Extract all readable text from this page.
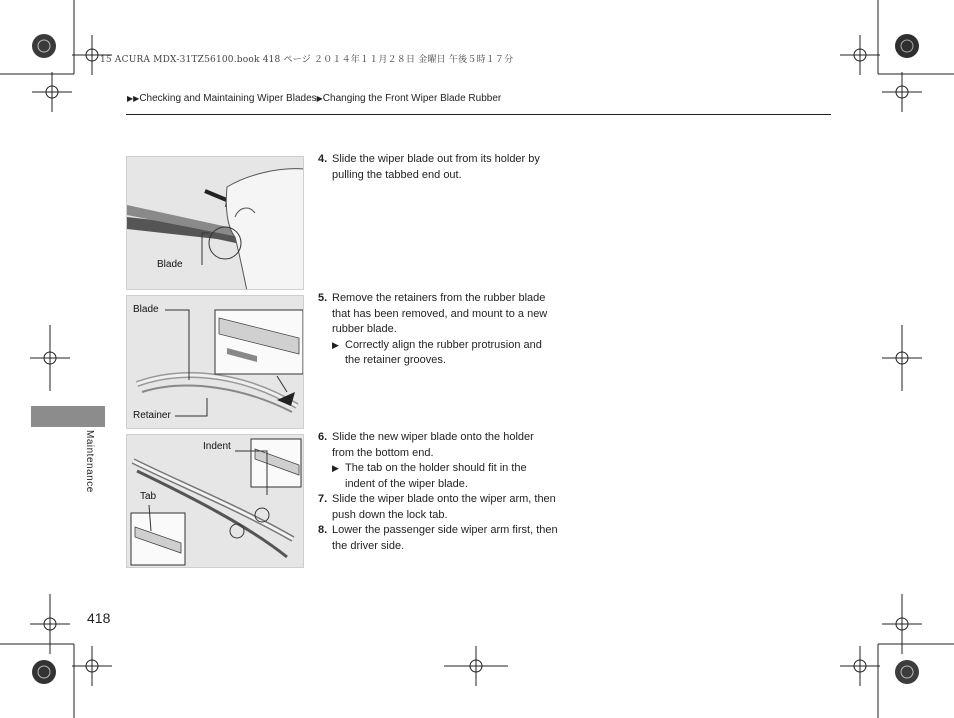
15 ACURA MDX-31TZ56100.book 418 ページ ２０１４年１１月２８日 金曜日 午後５時１７分
▶▶Checking and Maintaining Wiper Blades▶Changing the Front Wiper Blade Rubber
Blade
Blade
Retainer
Indent
Tab
4. Slide the wiper blade out from its holder by pulling the tabbed end out.
5. Remove the retainers from the rubber blade that has been removed, and mount to a new rubber blade.
▶ Correctly align the rubber protrusion and the retainer grooves.
6. Slide the new wiper blade onto the holder from the bottom end.
▶ The tab on the holder should fit in the indent of the wiper blade.
7. Slide the wiper blade onto the wiper arm, then push down the lock tab.
8. Lower the passenger side wiper arm first, then the driver side.
Maintenance
418
